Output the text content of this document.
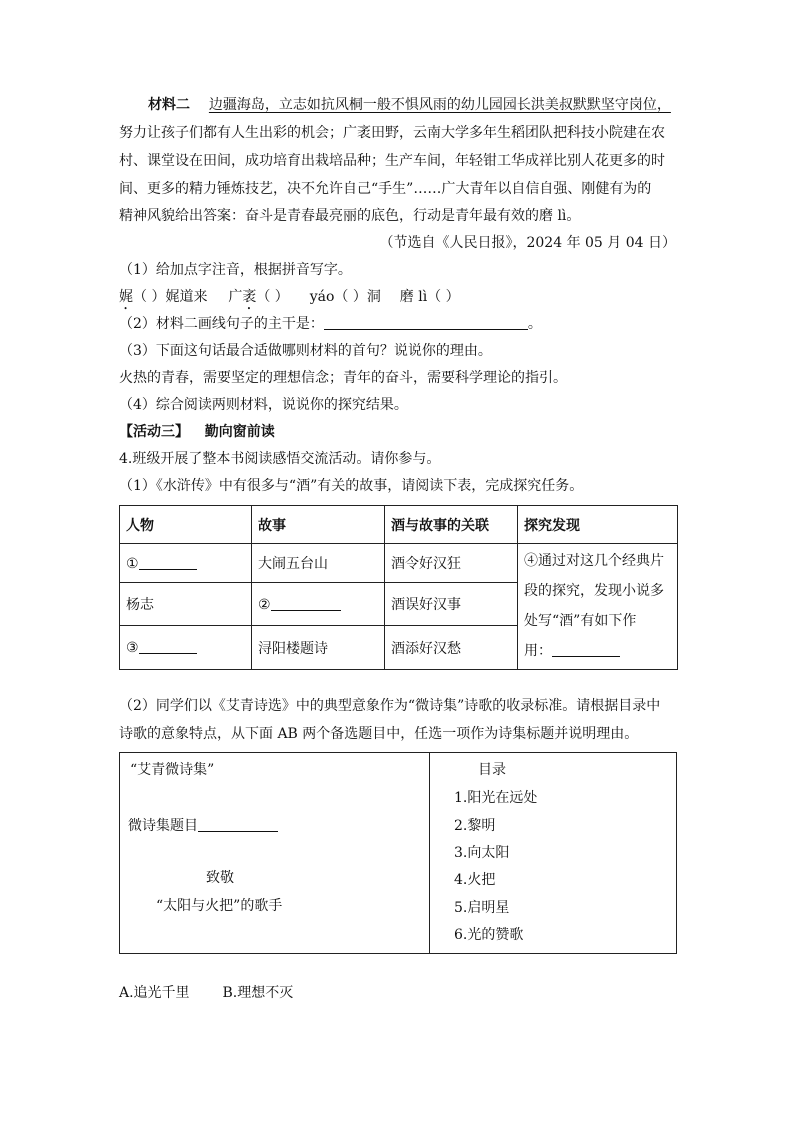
材料二 边疆海岛，立志如抗风桐一般不惧风雨的幼儿园园长洪美叔默默坚守岗位，
努力让孩子们都有人生出彩的机会；广袤田野，云南大学多年生稻团队把科技小院建在农
村、课堂设在田间，成功培育出栽培品种；生产车间，年轻钳工华成祥比别人花更多的时
间、更多的精力锤炼技艺，决不允许自己“手生”……广大青年以自信自强、刚健有为的
精神风貌给出答案：奋斗是青春最亮丽的底色，行动是青年最有效的磨 lì。
（节选自《人民日报》，2024 年 05 月 04 日）
（1）给加点字注音，根据拼音写字。
娓（ ）娓道来 广袤（ ） yáo（ ）洞 磨 lì（ ）
（2）材料二画线句子的主干是：	。
（3）下面这句话最合适做哪则材料的首句？说说你的理由。
火热的青春，需要坚定的理想信念；青年的奋斗，需要科学理论的指引。
（4）综合阅读两则材料，说说你的探究结果。
【活动三】 勤向窗前读
4.班级开展了整本书阅读感悟交流活动。请你参与。
（1）《水浒传》中有很多与“酒”有关的故事，请阅读下表，完成探究任务。
人物	故事	酒与故事的关联	探究发现
①	大闹五台山	酒令好汉狂	④通过对这几个经典片
段的探究，发现小说多
处写“酒”有如下作
用：

杨志	②	酒误好汉事	
③	浔阳楼题诗	酒添好汉愁	
（2）同学们以《艾青诗选》中的典型意象作为“微诗集”诗歌的收录标准。请根据目录中
诗歌的意象特点，从下面 AB 两个备选题目中，任选一项作为诗集标题并说明理由。
“艾青微诗集”
微诗集题目
致敬
“太阳与火把”的歌手
目录
1.阳光在远处
2.黎明
3.向太阳
4.火把
5.启明星
6.光的赞歌
A.追光千里 B.理想不灭
